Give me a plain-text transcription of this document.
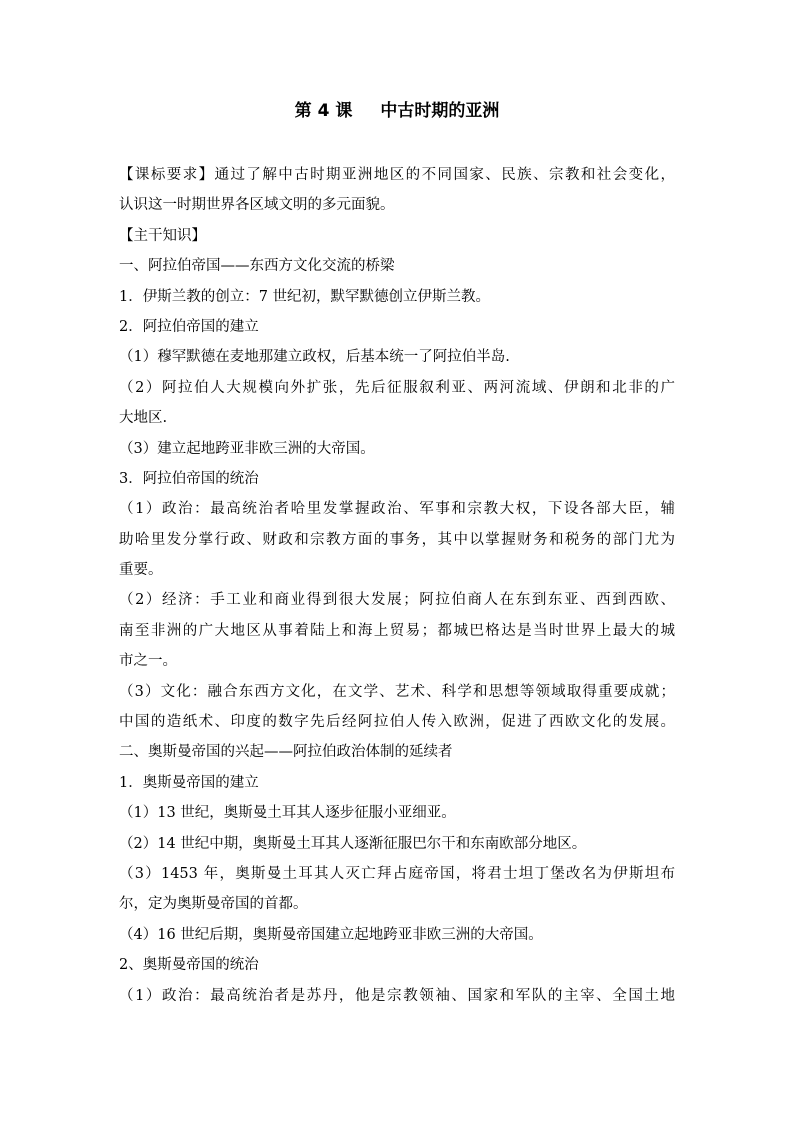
第 4 课 中古时期的亚洲
【课标要求】通过了解中古时期亚洲地区的不同国家、民族、宗教和社会变化，
认识这一时期世界各区域文明的多元面貌。
【主干知识】
一、阿拉伯帝国——东西方文化交流的桥梁
1．伊斯兰教的创立：7 世纪初，默罕默德创立伊斯兰教。
2．阿拉伯帝国的建立
（1）穆罕默德在麦地那建立政权，后基本统一了阿拉伯半岛.
（2）阿拉伯人大规模向外扩张，先后征服叙利亚、两河流域、伊朗和北非的广
大地区.
（3）建立起地跨亚非欧三洲的大帝国。
3．阿拉伯帝国的统治
（1）政治：最高统治者哈里发掌握政治、军事和宗教大权，下设各部大臣，辅
助哈里发分掌行政、财政和宗教方面的事务，其中以掌握财务和税务的部门尤为
重要。
（2）经济：手工业和商业得到很大发展；阿拉伯商人在东到东亚、西到西欧、
南至非洲的广大地区从事着陆上和海上贸易；都城巴格达是当时世界上最大的城
市之一。
（3）文化：融合东西方文化，在文学、艺术、科学和思想等领域取得重要成就；
中国的造纸术、印度的数字先后经阿拉伯人传入欧洲，促进了西欧文化的发展。
二、奥斯曼帝国的兴起——阿拉伯政治体制的延续者
1．奥斯曼帝国的建立
（1）13 世纪，奥斯曼土耳其人逐步征服小亚细亚。
（2）14 世纪中期，奥斯曼土耳其人逐渐征服巴尔干和东南欧部分地区。
（3）1453 年，奥斯曼土耳其人灭亡拜占庭帝国，将君士坦丁堡改名为伊斯坦布
尔，定为奥斯曼帝国的首都。
（4）16 世纪后期，奥斯曼帝国建立起地跨亚非欧三洲的大帝国。
2、奥斯曼帝国的统治
（1）政治：最高统治者是苏丹，他是宗教领袖、国家和军队的主宰、全国土地
